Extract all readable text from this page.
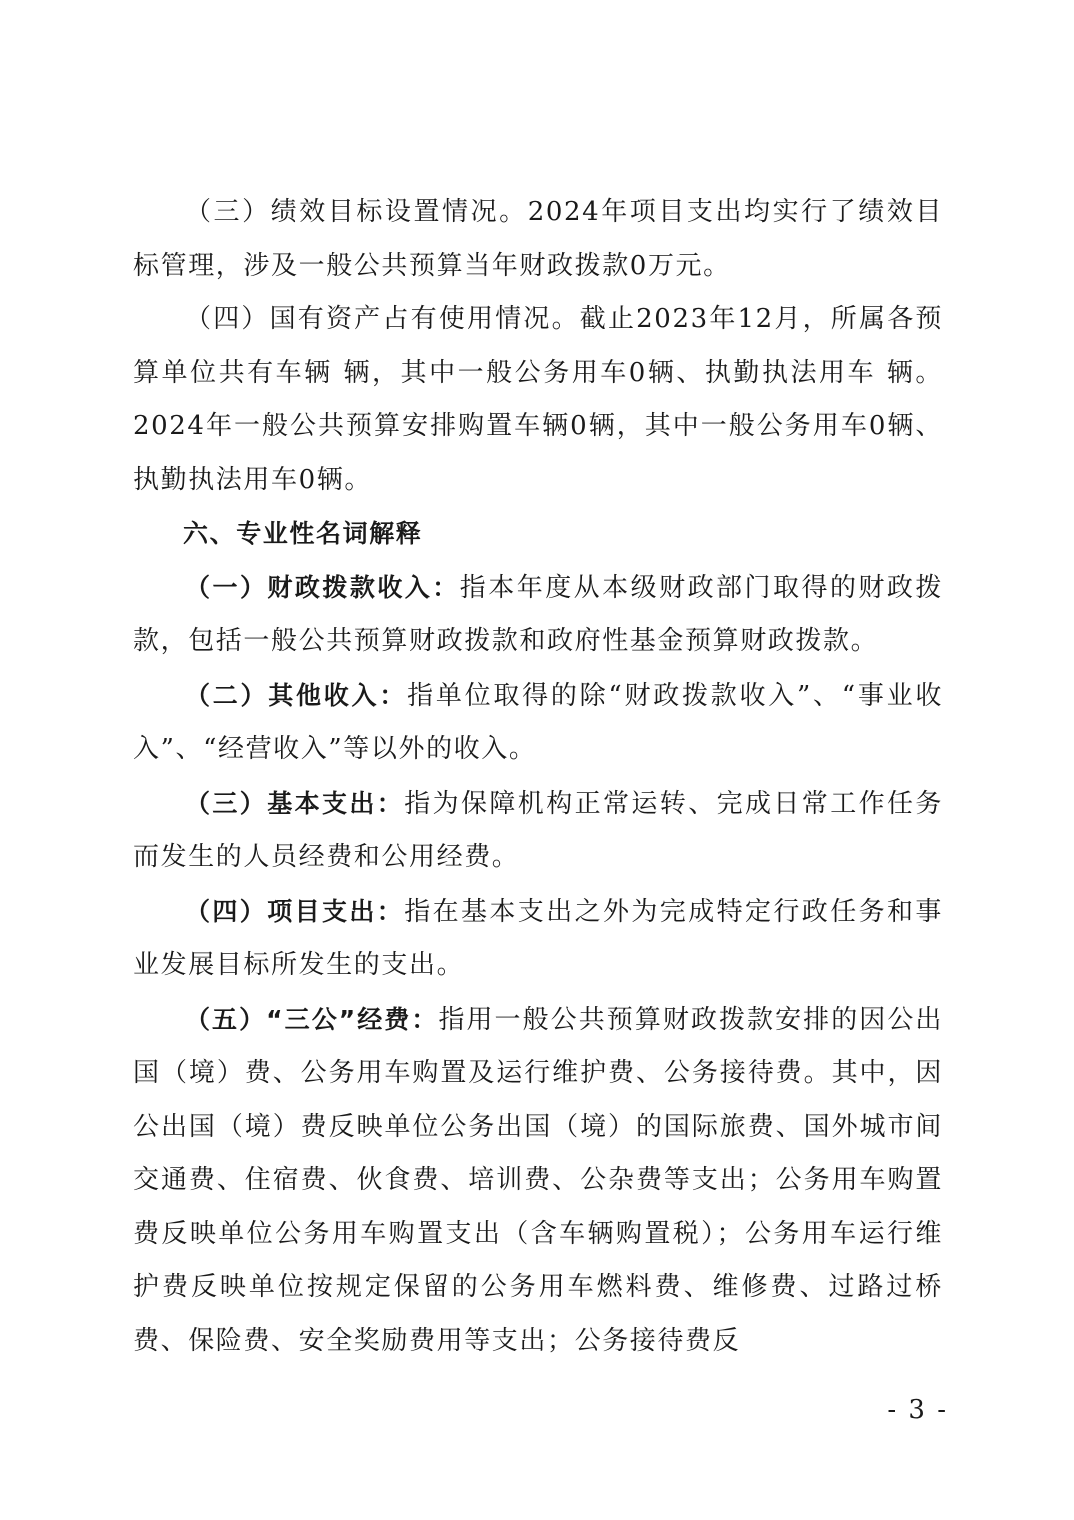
（三）绩效目标设置情况。2024年项目支出均实行了绩效目标管理，涉及一般公共预算当年财政拨款0万元。

（四）国有资产占有使用情况。截止2023年12月，所属各预算单位共有车辆 辆，其中一般公务用车0辆、执勤执法用车 辆。2024年一般公共预算安排购置车辆0辆，其中一般公务用车0辆、执勤执法用车0辆。

六、专业性名词解释

（一）财政拨款收入：指本年度从本级财政部门取得的财政拨款，包括一般公共预算财政拨款和政府性基金预算财政拨款。

（二）其他收入：指单位取得的除“财政拨款收入”、“事业收入”、“经营收入”等以外的收入。

（三）基本支出：指为保障机构正常运转、完成日常工作任务而发生的人员经费和公用经费。

（四）项目支出：指在基本支出之外为完成特定行政任务和事业发展目标所发生的支出。

（五）“三公”经费：指用一般公共预算财政拨款安排的因公出国（境）费、公务用车购置及运行维护费、公务接待费。其中，因公出国（境）费反映单位公务出国（境）的国际旅费、国外城市间交通费、住宿费、伙食费、培训费、公杂费等支出；公务用车购置费反映单位公务用车购置支出（含车辆购置税）；公务用车运行维护费反映单位按规定保留的公务用车燃料费、维修费、过路过桥费、保险费、安全奖励费用等支出；公务接待费反

- 3 -
